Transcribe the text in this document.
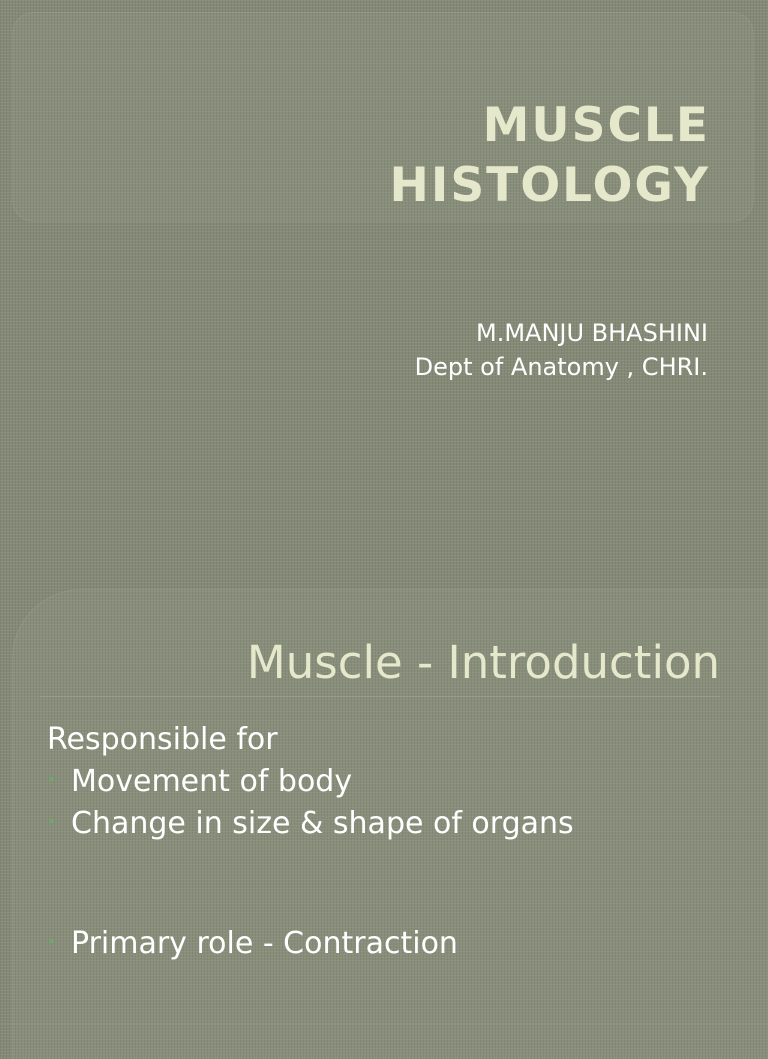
MUSCLE
HISTOLOGY
M.MANJU BHASHINI
Dept of Anatomy , CHRI.
Muscle - Introduction
Responsible for
• Movement of body
• Change in size & shape of organs
• Primary role - Contraction
